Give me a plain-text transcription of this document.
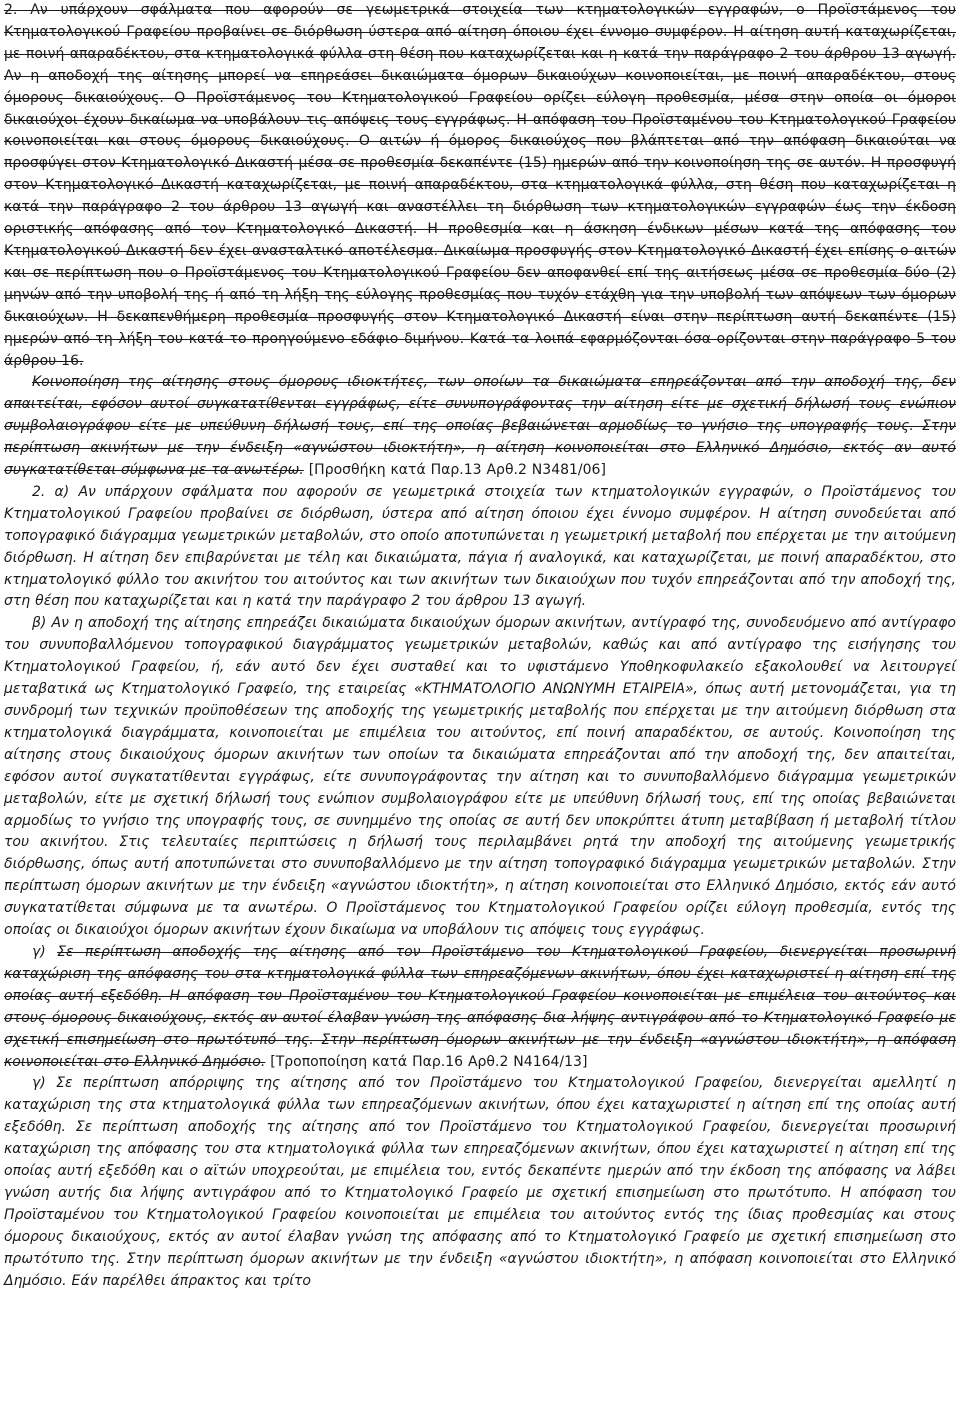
2. Αν υπάρχουν σφάλματα που αφορούν σε γεωμετρικά στοιχεία των κτηματολογικών εγγραφών, ο Προϊστάμενος του Κτηματολογικού Γραφείου προβαίνει σε διόρθωση ύστερα από αίτηση όποιου έχει έννομο συμφέρον. Η αίτηση αυτή καταχωρίζεται, με ποινή απαραδέκτου, στα κτηματολογικά φύλλα στη θέση που καταχωρίζεται και η κατά την παράγραφο 2 του άρθρου 13 αγωγή. Αν η αποδοχή της αίτησης μπορεί να επηρεάσει δικαιώματα όμορων δικαιούχων κοινοποιείται, με ποινή απαραδέκτου, στους όμορους δικαιούχους. Ο Προϊστάμενος του Κτηματολογικού Γραφείου ορίζει εύλογη προθεσμία, μέσα στην οποία οι όμοροι δικαιούχοι έχουν δικαίωμα να υποβάλουν τις απόψεις τους εγγράφως. Η απόφαση του Προϊσταμένου του Κτηματολογικού Γραφείου κοινοποιείται και στους όμορους δικαιούχους. Ο αιτών ή όμορος δικαιούχος που βλάπτεται από την απόφαση δικαιούται να προσφύγει στον Κτηματολογικό Δικαστή μέσα σε προθεσμία δεκαπέντε (15) ημερών από την κοινοποίηση της σε αυτόν. Η προσφυγή στον Κτηματολογικό Δικαστή καταχωρίζεται, με ποινή απαραδέκτου, στα κτηματολογικά φύλλα, στη θέση που καταχωρίζεται η κατά την παράγραφο 2 του άρθρου 13 αγωγή και αναστέλλει τη διόρθωση των κτηματολογικών εγγραφών έως την έκδοση οριστικής απόφασης από τον Κτηματολογικό Δικαστή. Η προθεσμία και η άσκηση ένδικων μέσων κατά της απόφασης του Κτηματολογικού Δικαστή δεν έχει ανασταλτικό αποτέλεσμα. Δικαίωμα προσφυγής στον Κτηματολογικό Δικαστή έχει επίσης ο αιτών και σε περίπτωση που ο Προϊστάμενος του Κτηματολογικού Γραφείου δεν αποφανθεί επί της αιτήσεως μέσα σε προθεσμία δύο (2) μηνών από την υποβολή της ή από τη λήξη της εύλογης προθεσμίας που τυχόν ετάχθη για την υποβολή των απόψεων των όμορων δικαιούχων. Η δεκαπενθήμερη προθεσμία προσφυγής στον Κτηματολογικό Δικαστή είναι στην περίπτωση αυτή δεκαπέντε (15) ημερών από τη λήξη του κατά το προηγούμενο εδάφιο διμήνου. Κατά τα λοιπά εφαρμόζονται όσα ορίζονται στην παράγραφο 5 του άρθρου 16.

Κοινοποίηση της αίτησης στους όμορους ιδιοκτήτες, των οποίων τα δικαιώματα επηρεάζονται από την αποδοχή της, δεν απαιτείται, εφόσον αυτοί συγκατατίθενται εγγράφως, είτε συνυπογράφοντας την αίτηση είτε με σχετική δήλωσή τους ενώπιον συμβολαιογράφου είτε με υπεύθυνη δήλωσή τους, επί της οποίας βεβαιώνεται αρμοδίως το γνήσιο της υπογραφής τους. Στην περίπτωση ακινήτων με την ένδειξη «αγνώστου ιδιοκτήτη», η αίτηση κοινοποιείται στο Ελληνικό Δημόσιο, εκτός αν αυτό συγκατατίθεται σύμφωνα με τα ανωτέρω. [Προσθήκη κατά Παρ.13 Αρθ.2 Ν3481/06]

2. α) Αν υπάρχουν σφάλματα που αφορούν σε γεωμετρικά στοιχεία των κτηματολογικών εγγραφών, ο Προϊστάμενος του Κτηματολογικού Γραφείου προβαίνει σε διόρθωση, ύστερα από αίτηση όποιου έχει έννομο συμφέρον. Η αίτηση συνοδεύεται από τοπογραφικό διάγραμμα γεωμετρικών μεταβολών, στο οποίο αποτυπώνεται η γεωμετρική μεταβολή που επέρχεται με την αιτούμενη διόρθωση. Η αίτηση δεν επιβαρύνεται με τέλη και δικαιώματα, πάγια ή αναλογικά, και καταχωρίζεται, με ποινή απαραδέκτου, στο κτηματολογικό φύλλο του ακινήτου του αιτούντος και των ακινήτων των δικαιούχων που τυχόν επηρεάζονται από την αποδοχή της, στη θέση που καταχωρίζεται και η κατά την παράγραφο 2 του άρθρου 13 αγωγή.

β) Αν η αποδοχή της αίτησης επηρεάζει δικαιώματα δικαιούχων όμορων ακινήτων, αντίγραφό της, συνοδευόμενο από αντίγραφο του συνυποβαλλόμενου τοπογραφικού διαγράμματος γεωμετρικών μεταβολών, καθώς και από αντίγραφο της εισήγησης του Κτηματολογικού Γραφείου, ή, εάν αυτό δεν έχει συσταθεί και το υφιστάμενο Υποθηκοφυλακείο εξακολουθεί να λειτουργεί μεταβατικά ως Κτηματολογικό Γραφείο, της εταιρείας «ΚΤΗΜΑΤΟΛΟΓΙΟ ΑΝΩΝΥΜΗ ΕΤΑΙΡΕΙΑ», όπως αυτή μετονομάζεται, για τη συνδρομή των τεχνικών προϋποθέσεων της αποδοχής της γεωμετρικής μεταβολής που επέρχεται με την αιτούμενη διόρθωση στα κτηματολογικά διαγράμματα, κοινοποιείται με επιμέλεια του αιτούντος, επί ποινή απαραδέκτου, σε αυτούς. Κοινοποίηση της αίτησης στους δικαιούχους όμορων ακινήτων των οποίων τα δικαιώματα επηρεάζονται από την αποδοχή της, δεν απαιτείται, εφόσον αυτοί συγκατατίθενται εγγράφως, είτε συνυπογράφοντας την αίτηση και το συνυποβαλλόμενο διάγραμμα γεωμετρικών μεταβολών, είτε με σχετική δήλωσή τους ενώπιον συμβολαιογράφου είτε με υπεύθυνη δήλωσή τους, επί της οποίας βεβαιώνεται αρμοδίως το γνήσιο της υπογραφής τους, σε συνημμένο της οποίας σε αυτή δεν υποκρύπτει άτυπη μεταβίβαση ή μεταβολή τίτλου του ακινήτου. Στις τελευταίες περιπτώσεις η δήλωσή τους περιλαμβάνει ρητά την αποδοχή της αιτούμενης γεωμετρικής διόρθωσης, όπως αυτή αποτυπώνεται στο συνυποβαλλόμενο με την αίτηση τοπογραφικό διάγραμμα γεωμετρικών μεταβολών. Στην περίπτωση όμορων ακινήτων με την ένδειξη «αγνώστου ιδιοκτήτη», η αίτηση κοινοποιείται στο Ελληνικό Δημόσιο, εκτός εάν αυτό συγκατατίθεται σύμφωνα με τα ανωτέρω. Ο Προϊστάμενος του Κτηματολογικού Γραφείου ορίζει εύλογη προθεσμία, εντός της οποίας οι δικαιούχοι όμορων ακινήτων έχουν δικαίωμα να υποβάλουν τις απόψεις τους εγγράφως.

γ) Σε περίπτωση αποδοχής της αίτησης από τον Προϊστάμενο του Κτηματολογικού Γραφείου, διενεργείται προσωρινή καταχώριση της απόφασης του στα κτηματολογικά φύλλα των επηρεαζόμενων ακινήτων, όπου έχει καταχωριστεί η αίτηση επί της οποίας αυτή εξεδόθη. Η απόφαση του Προϊσταμένου του Κτηματολογικού Γραφείου κοινοποιείται με επιμέλεια του αιτούντος και στους όμορους δικαιούχους, εκτός αν αυτοί έλαβαν γνώση της απόφασης δια λήψης αντιγράφου από το Κτηματολογικό Γραφείο με σχετική επισημείωση στο πρωτότυπό της. Στην περίπτωση όμορων ακινήτων με την ένδειξη «αγνώστου ιδιοκτήτη», η απόφαση κοινοποιείται στο Ελληνικό Δημόσιο. [Τροποποίηση κατά Παρ.16 Αρθ.2 Ν4164/13]

γ) Σε περίπτωση απόρριψης της αίτησης από τον Προϊστάμενο του Κτηματολογικού Γραφείου, διενεργείται αμελλητί η καταχώριση της στα κτηματολογικά φύλλα των επηρεαζόμενων ακινήτων, όπου έχει καταχωριστεί η αίτηση επί της οποίας αυτή εξεδόθη. Σε περίπτωση αποδοχής της αίτησης από τον Προϊστάμενο του Κτηματολογικού Γραφείου, διενεργείται προσωρινή καταχώριση της απόφασης του στα κτηματολογικά φύλλα των επηρεαζόμενων ακινήτων, όπου έχει καταχωριστεί η αίτηση επί της οποίας αυτή εξεδόθη και ο αϊτών υποχρεούται, με επιμέλεια του, εντός δεκαπέντε ημερών από την έκδοση της απόφασης να λάβει γνώση αυτής δια λήψης αντιγράφου από το Κτηματολογικό Γραφείο με σχετική επισημείωση στο πρωτότυπο. Η απόφαση του Προϊσταμένου του Κτηματολογικού Γραφείου κοινοποιείται με επιμέλεια του αιτούντος εντός της ίδιας προθεσμίας και στους όμορους δικαιούχους, εκτός αν αυτοί έλαβαν γνώση της απόφασης από το Κτηματολογικό Γραφείο με σχετική επισημείωση στο πρωτότυπο της. Στην περίπτωση όμορων ακινήτων με την ένδειξη «αγνώστου ιδιοκτήτη», η απόφαση κοινοποιείται στο Ελληνικό Δημόσιο. Εάν παρέλθει άπρακτος και τρίτο
